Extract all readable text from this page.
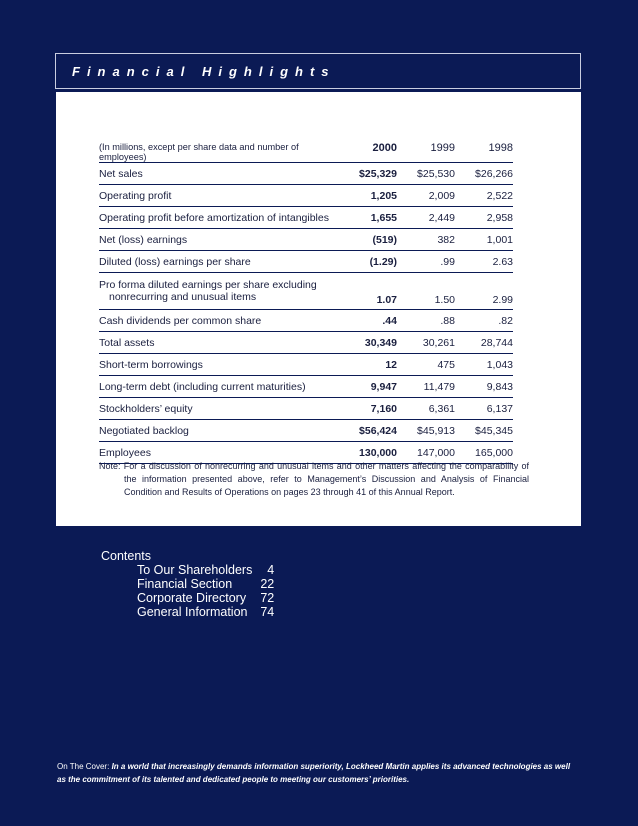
Financial Highlights
(In millions, except per share data and number of employees)	2000	1999	1998
Net sales	$25,329	$25,530	$26,266
Operating profit	1,205	2,009	2,522
Operating profit before amortization of intangibles	1,655	2,449	2,958
Net (loss) earnings	(519)	382	1,001
Diluted (loss) earnings per share	(1.29)	.99	2.63
Pro forma diluted earnings per share excluding
nonrecurring and unusual items	1.07	1.50	2.99
Cash dividends per common share	.44	.88	.82
Total assets	30,349	30,261	28,744
Short-term borrowings	12	475	1,043
Long-term debt (including current maturities)	9,947	11,479	9,843
Stockholders’ equity	7,160	6,361	6,137
Negotiated backlog	$56,424	$45,913	$45,345
Employees	130,000	147,000	165,000
Note: For a discussion of nonrecurring and unusual items and other matters affecting the comparability of the information presented above, refer to Management’s Discussion and Analysis of Financial Condition and Results of Operations on pages 23 through 41 of this Annual Report.
Contents
To Our Shareholders	4
Financial Section	22
Corporate Directory	72
General Information	74
On The Cover: In a world that increasingly demands information superiority, Lockheed Martin applies its advanced technologies as well as the commitment of its talented and dedicated people to meeting our customers’ priorities.
